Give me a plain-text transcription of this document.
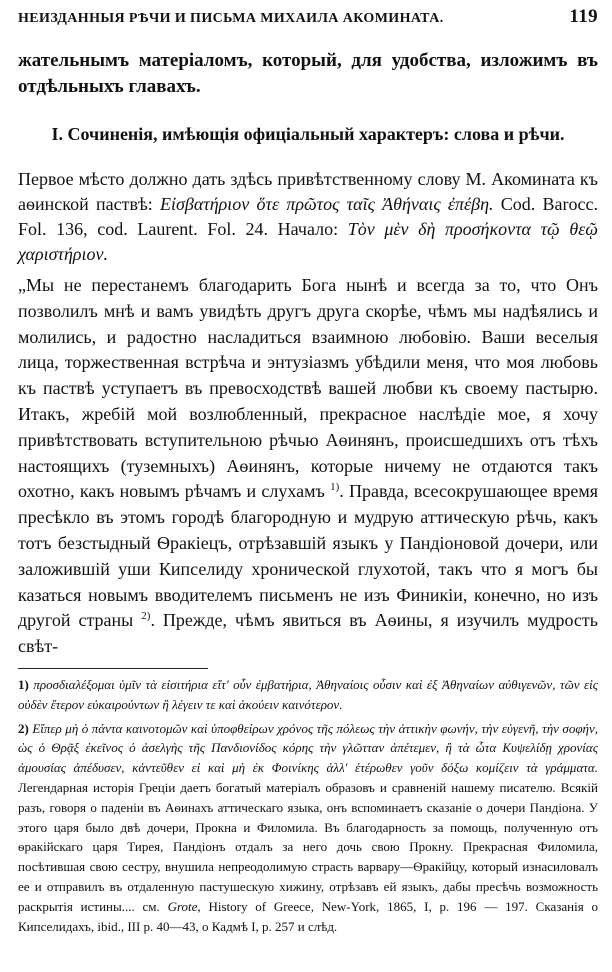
НЕИЗДАННЫЯ РѢЧИ И ПИСЬМА МИХАИЛА АКОМИНАТА.	119

жательнымъ матеріаломъ, который, для удобства, изложимъ въ отдѣльныхъ главахъ.

I. Сочиненія, имѣющія офиціальный характеръ: слова и рѣчи.

Первое мѣсто должно дать здѣсь привѣтственному слову М. Акомината къ аѳинской паствѣ: Εἰσβατήριον ὅτε πρῶτος ταῖς Ἀθήναις ἐπέβη. Cod. Barocc. Fol. 136, cod. Laurent. Fol. 24. Начало: Τὸν μὲν δὴ προσήκοντα τῷ θεῷ χαριστήριον.

„Мы не перестанемъ благодарить Бога нынѣ и всегда за то, что Онъ позволилъ мнѣ и вамъ увидѣть другъ друга скорѣе, чѣмъ мы надѣялись и молились, и радостно насладиться взаимною любовію. Ваши веселыя лица, торжественная встрѣча и энтузіазмъ убѣдили меня, что моя любовь къ паствѣ уступаетъ въ превосходствѣ вашей любви къ своему пастырю. Итакъ, жребій мой возлюбленный, прекрасное наслѣдіе мое, я хочу привѣтствовать вступительною рѣчью Аѳинянъ, происшедшихъ отъ тѣхъ настоящихъ (туземныхъ) Аѳинянъ, которые ничему не отдаются такъ охотно, какъ новымъ рѣчамъ и слухамъ $^{1)}$. Правда, всесокрушающее время пресѣкло въ этомъ городѣ благородную и мудрую аттическую рѣчь, какъ тотъ безстыдный Ѳракіецъ, отрѣзавшій языкъ у Пандіоновой дочери, или заложившій уши Кипселиду хронической глухотой, такъ что я могъ бы казаться новымъ вводителемъ письменъ не изъ Финикіи, конечно, но изъ другой страны $^{2)}$. Прежде, чѣмъ явиться въ Аѳины, я изучилъ мудрость свѣт-

1) προσδιαλέξομαι ὑμῖν τὰ εἰσιτήρια εἴτ' οὖν ἐμβατήρια, Ἀθηναίοις οὖσιν καὶ ἐξ Ἀθηναίων αὐθιγενῶν, τῶν εἰς οὐδὲν ἕτερον εὐκαιρούντων ἢ λέγειν τε καὶ ἀκούειν καινότερον.

2) Εἴπερ μὴ ὁ πάντα καινοτομῶν καὶ ὑποφθείρων χρόνος τῆς πόλεως τὴν ἀττικὴν φωνήν, τὴν εὐγενῆ, τὴν σοφήν, ὡς ὁ Θρᾷξ ἐκεῖνος ὁ ἀσελγὴς τῆς Πανδιονίδος κόρης τὴν γλῶτταν ἀπέτεμεν, ἢ τὰ ὦτα Κυψελίδῃ χρονίας ἀμουσίας ἀπέδυσεν, κἀντεῦθεν εἰ καὶ μὴ ἐκ Φοινίκης ἀλλ' ἑτέρωθεν γοῦν δόξω κομίζειν τὰ γράμματα. Легендарная исторія Грецiи даетъ богатый матеріалъ образовъ и сравненій нашему писателю. Всякій разъ, говоря о паденіи въ Аѳинахъ аттическаго языка, онъ вспоминаетъ сказаніе о дочери Пандіона. У этого царя было двѣ дочери, Прокна и Филомила. Въ благодарность за помощь, полученную отъ ѳракійскаго царя Тирея, Пандіонъ отдалъ за него дочь свою Прокну. Прекрасная Филомила, посѣтившая свою сестру, внушила непреодолимую страсть варвару—Ѳракійцу, который изнасиловалъ ее и отправилъ въ отдаленную пастушескую хижину, отрѣзавъ ей языкъ, дабы пресѣчь возможность раскрытія истины.... см. Grote, History of Greece, New-York, 1865, I, p. 196 — 197. Сказанія о Кипселидахъ, ibid., III p. 40—43, о Кадмѣ I, p. 257 и слѣд.
